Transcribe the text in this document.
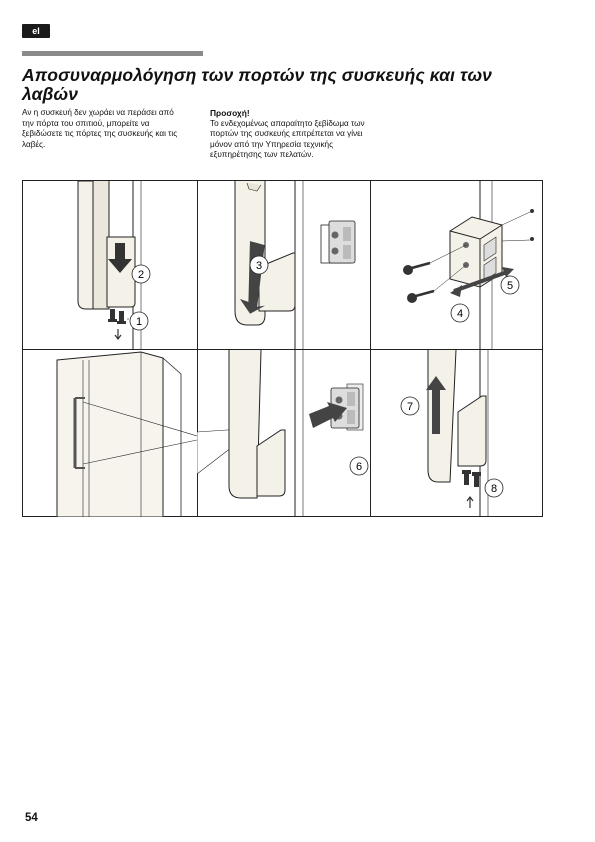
el
Αποσυναρμολόγηση των πορτών της συσκευής και των λαβών

Αν η συσκευή δεν χωράει να περάσει από την πόρτα του σπιτιού, μπορείτε να ξεβιδώσετε τις πόρτες της συσκευής και τις λαβές.

Προσοχή!

Το ενδεχομένως απαραίτητο ξεβίδωμα των πορτών της συσκευής επιτρέπεται να γίνει μόνον από την Υπηρεσία τεχνικής εξυπηρέτησης των πελατών.

2
1
3
5
4
6
7
8

54
